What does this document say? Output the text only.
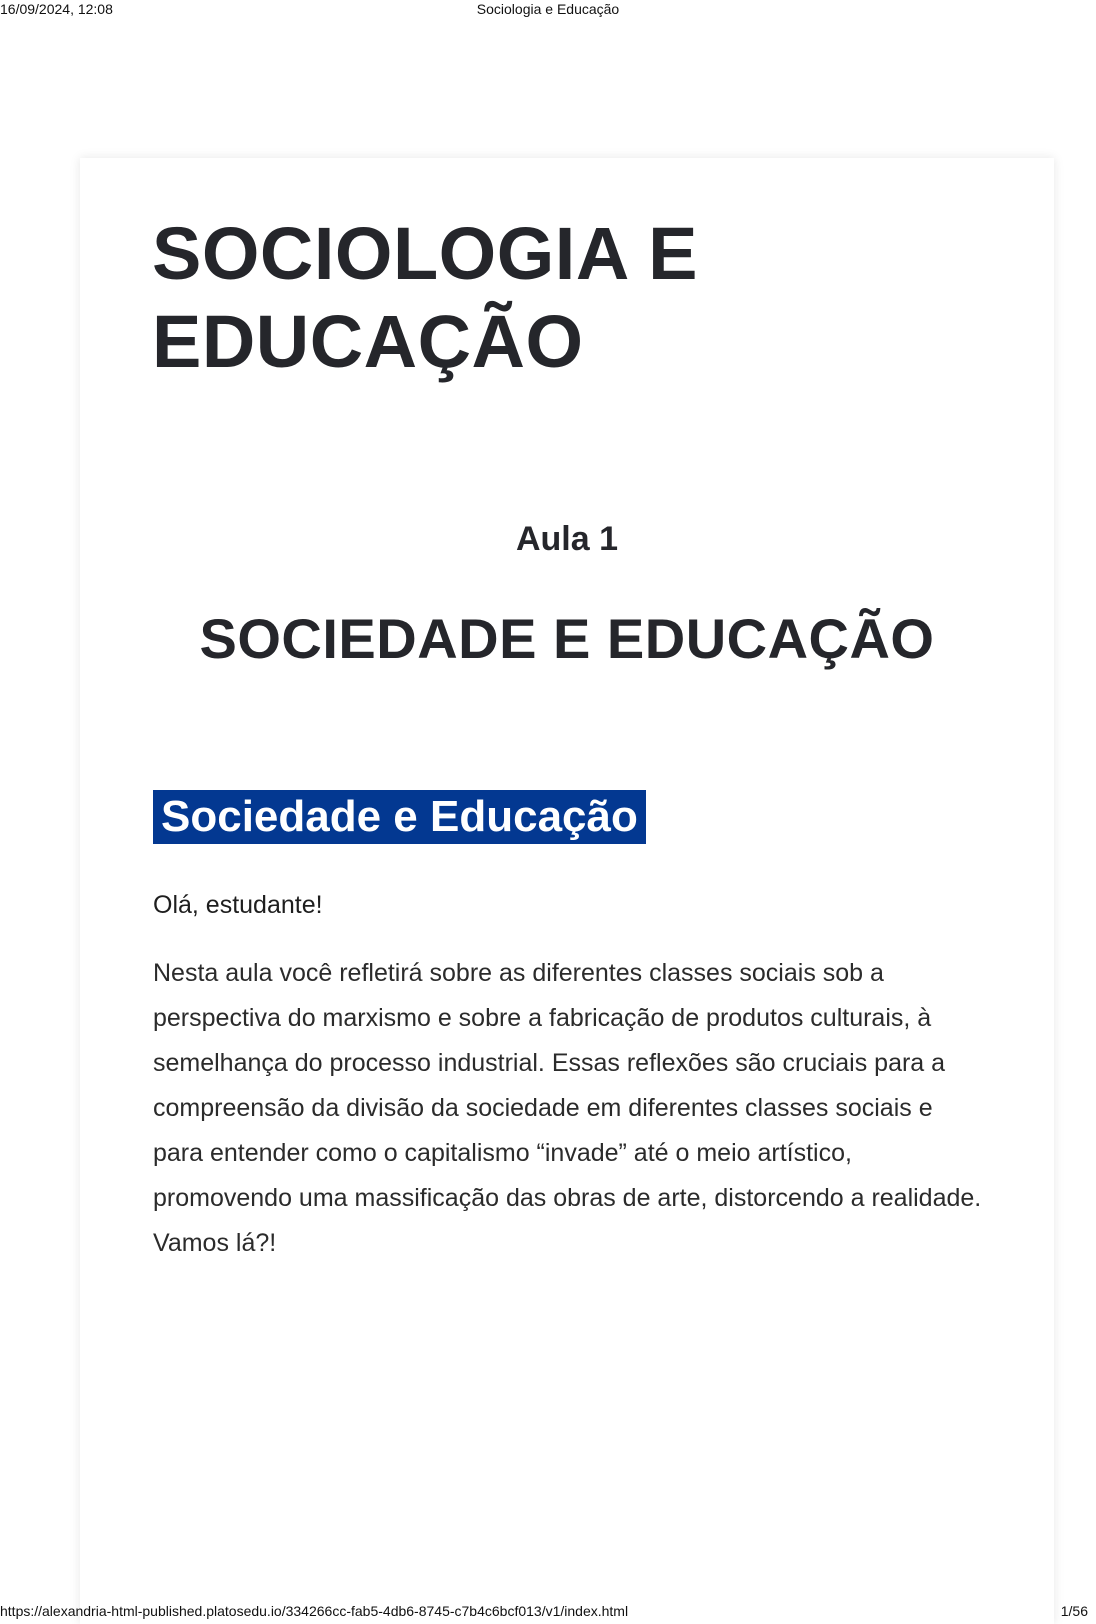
16/09/2024, 12:08	Sociologia e Educação
SOCIOLOGIA E
EDUCAÇÃO
Aula 1
SOCIEDADE E EDUCAÇÃO
Sociedade e Educação

Olá, estudante!

Nesta aula você refletirá sobre as diferentes classes sociais sob a perspectiva do marxismo e sobre a fabricação de produtos culturais, à semelhança do processo industrial. Essas reflexões são cruciais para a compreensão da divisão da sociedade em diferentes classes sociais e para entender como o capitalismo “invade” até o meio artístico, promovendo uma massificação das obras de arte, distorcendo a realidade. Vamos lá?!

https://alexandria-html-published.platosedu.io/334266cc-fab5-4db6-8745-c7b4c6bcf013/v1/index.html	1/56
